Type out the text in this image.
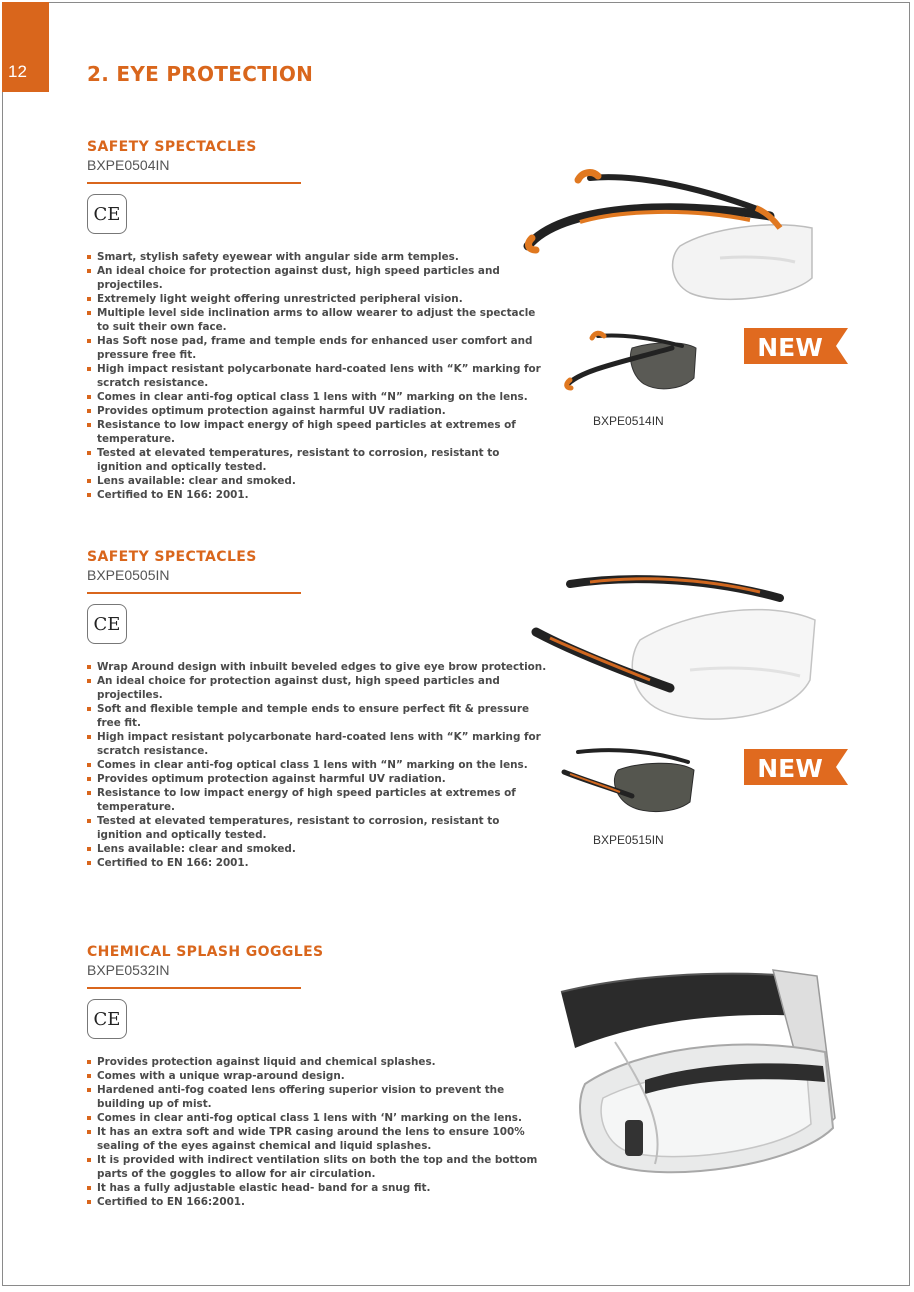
12	2. EYE PROTECTION
SAFETY SPECTACLES

BXPE0504IN

CE
Smart, stylish safety eyewear with angular side arm temples.
An ideal choice for protection against dust, high speed particles and projectiles.
Extremely light weight offering unrestricted peripheral vision.
Multiple level side inclination arms to allow wearer to adjust the spectacle to suit their own face.
Has Soft nose pad, frame and temple ends for enhanced user comfort and pressure free fit.
High impact resistant polycarbonate hard-coated lens with “K” marking for scratch resistance.
Comes in clear anti-fog optical class 1 lens with “N” marking on the lens.
Provides optimum protection against harmful UV radiation.
Resistance to low impact energy of high speed particles at extremes of temperature.
Tested at elevated temperatures, resistant to corrosion, resistant to ignition and optically tested.
Lens available: clear and smoked.
Certified to EN 166: 2001.
BXPE0514IN
NEW
SAFETY SPECTACLES

BXPE0505IN

CE
Wrap Around design with inbuilt beveled edges to give eye brow protection.
An ideal choice for protection against dust, high speed particles and projectiles.
Soft and flexible temple and temple ends to ensure perfect fit & pressure free fit.
High impact resistant polycarbonate hard-coated lens with “K” marking for scratch resistance.
Comes in clear anti-fog optical class 1 lens with “N” marking on the lens.
Provides optimum protection against harmful UV radiation.
Resistance to low impact energy of high speed particles at extremes of temperature.
Tested at elevated temperatures, resistant to corrosion, resistant to ignition and optically tested.
Lens available: clear and smoked.
Certified to EN 166: 2001.
BXPE0515IN
NEW
CHEMICAL SPLASH GOGGLES

BXPE0532IN

CE
Provides protection against liquid and chemical splashes.
Comes with a unique wrap-around design.
Hardened anti-fog coated lens offering superior vision to prevent the building up of mist.
Comes in clear anti-fog optical class 1 lens with ‘N’ marking on the lens.
It has an extra soft and wide TPR casing around the lens to ensure 100% sealing of the eyes against chemical and liquid splashes.
It is provided with indirect ventilation slits on both the top and the bottom parts of the goggles to allow for air circulation.
It has a fully adjustable elastic head- band for a snug fit.
Certified to EN 166:2001.
